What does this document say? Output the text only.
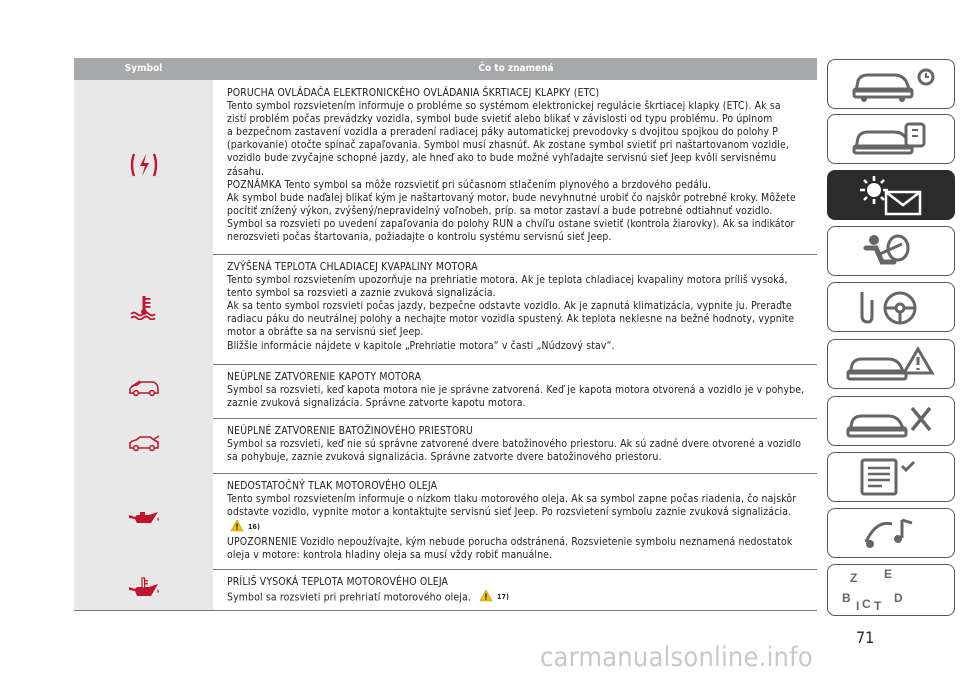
Symbol	Čo to znamená

PORUCHA OVLÁDAČA ELEKTRONICKÉHO OVLÁDANIA ŠKRTIACEJ KLAPKY (ETC)

Tento symbol rozsvietením informuje o probléme so systémom elektronickej regulácie škrtiacej klapky (ETC). Ak sa

zistí problém počas prevádzky vozidla, symbol bude svietiť alebo blikať v závislosti od typu problému. Po úplnom

a bezpečnom zastavení vozidla a preradení radiacej páky automatickej prevodovky s dvojitou spojkou do polohy P

(parkovanie) otočte spínač zapaľovania. Symbol musí zhasnúť. Ak zostane symbol svietiť pri naštartovanom vozidle,

vozidlo bude zvyčajne schopné jazdy, ale hneď ako to bude možné vyhľadajte servisnú sieť Jeep kvôli servisnému

zásahu.

POZNÁMKA Tento symbol sa môže rozsvietiť pri súčasnom stlačením plynového a brzdového pedálu.

Ak symbol bude naďalej blikať kým je naštartovaný motor, bude nevyhnutné urobiť čo najskôr potrebné kroky. Môžete

pocítiť znížený výkon, zvýšený/nepravidelný voľnobeh, príp. sa motor zastaví a bude potrebné odtiahnuť vozidlo.

Symbol sa rozsvieti po uvedení zapaľovania do polohy RUN a chvíľu ostane svietiť (kontrola žiarovky). Ak sa indikátor

nerozsvieti počas štartovania, požiadajte o kontrolu systému servisnú sieť Jeep.

ZVÝŠENÁ TEPLOTA CHLADIACEJ KVAPALINY MOTORA

Tento symbol rozsvietením upozorňuje na prehriatie motora. Ak je teplota chladiacej kvapaliny motora príliš vysoká,

tento symbol sa rozsvieti a zaznie zvuková signalizácia.

Ak sa tento symbol rozsvieti počas jazdy, bezpečne odstavte vozidlo. Ak je zapnutá klimatizácia, vypnite ju. Preraďte

radiacu páku do neutrálnej polohy a nechajte motor vozidla spustený. Ak teplota neklesne na bežné hodnoty, vypnite

motor a obráťte sa na servisnú sieť Jeep.

Bližšie informácie nájdete v kapitole „Prehriatie motora“ v časti „Núdzový stav“.

NEÚPLNE ZATVORENIE KAPOTY MOTORA

Symbol sa rozsvieti, keď kapota motora nie je správne zatvorená. Keď je kapota motora otvorená a vozidlo je v pohybe,

zaznie zvuková signalizácia. Správne zatvorte kapotu motora.

NEÚPLNÉ ZATVORENIE BATOŽINOVÉHO PRIESTORU

Symbol sa rozsvieti, keď nie sú správne zatvorené dvere batožinového priestoru. Ak sú zadné dvere otvorené a vozidlo

sa pohybuje, zaznie zvuková signalizácia. Správne zatvorte dvere batožinového priestoru.

NEDOSTATOČNÝ TLAK MOTOROVÉHO OLEJA

Tento symbol rozsvietením informuje o nízkom tlaku motorového oleja. Ak sa symbol zapne počas riadenia, čo najskôr

odstavte vozidlo, vypnite motor a kontaktujte servisnú sieť Jeep. Po rozsvietení symbolu zaznie zvuková signalizácia.

16)

UPOZORNENIE Vozidlo nepoužívajte, kým nebude porucha odstránená. Rozsvietenie symbolu neznamená nedostatok

oleja v motore: kontrola hladiny oleja sa musí vždy robiť manuálne.

PRÍLIŠ VYSOKÁ TEPLOTA MOTOROVÉHO OLEJA

Symbol sa rozsvieti pri prehriatí motorového oleja.	17)

Z E
B	D
C T
I
71
carmanualsonline.info
